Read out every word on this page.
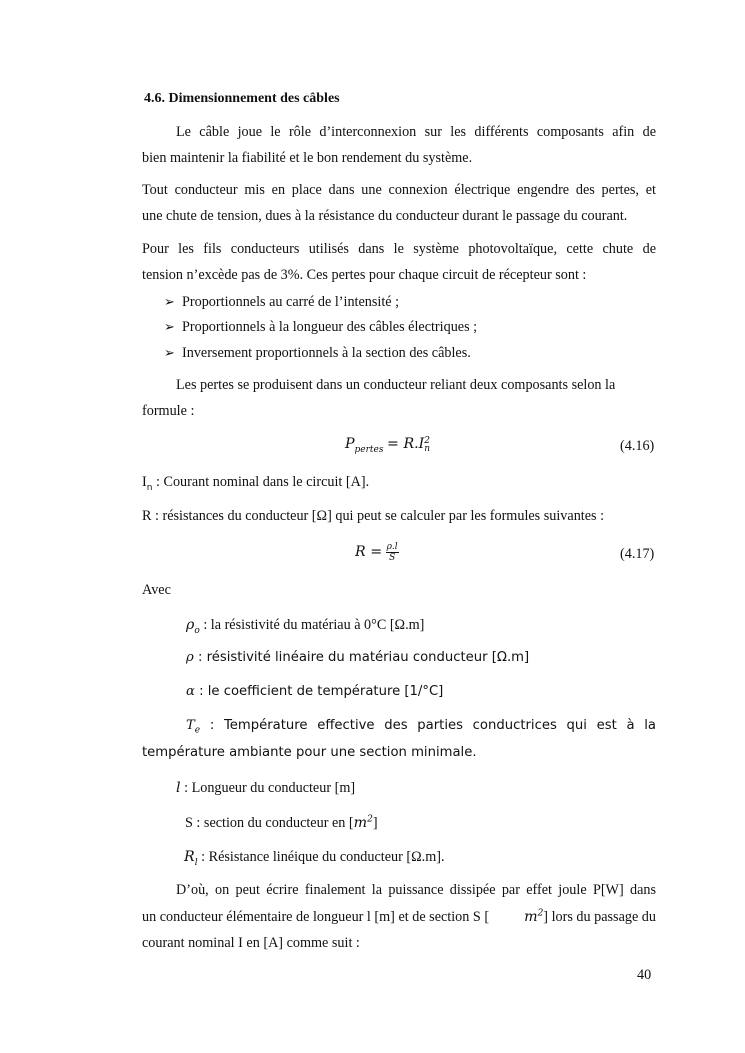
4.6. Dimensionnement des câbles
Le câble joue le rôle d’interconnexion sur les différents composants afin de
bien maintenir la fiabilité et le bon rendement du système.
Tout conducteur mis en place dans une connexion électrique engendre des pertes, et
une chute de tension, dues à la résistance du conducteur durant le passage du courant.
Pour les fils conducteurs utilisés dans le système photovoltaïque, cette chute de
tension n’excède pas de 3%. Ces pertes pour chaque circuit de récepteur sont :
➢ Proportionnels au carré de l’intensité ;
➢ Proportionnels à la longueur des câbles électriques ;
➢ Inversement proportionnels à la section des câbles.
Les pertes se produisent dans un conducteur reliant deux composants selon la
formule :
$P_{pertes} = R.I$ 2
n	(4.16)
$I_n$ : Courant nominal dans le circuit [A].
R : résistances du conducteur [Ω] qui peut se calculer par les formules suivantes :
$R = \frac{\rho.l}{S}$	(4.17)
Avec
$\rho_o$ : la résistivité du matériau à 0°C [Ω.m]
ρ : résistivité linéaire du matériau conducteur [Ω.m]
α : le coefficient de température [1/°C]
$T_e$ : Température effective des parties conductrices qui est à la
température ambiante pour une section minimale.
l : Longueur du conducteur [m]
S : section du conducteur en $[m^2]$
$R_l$ : Résistance linéique du conducteur [Ω.m].
D’où, on peut écrire finalement la puissance dissipée par effet joule P[W] dans
un conducteur élémentaire de longueur l [m] et de section S [ $m^2$] lors du passage du
courant nominal I en [A] comme suit :
40
